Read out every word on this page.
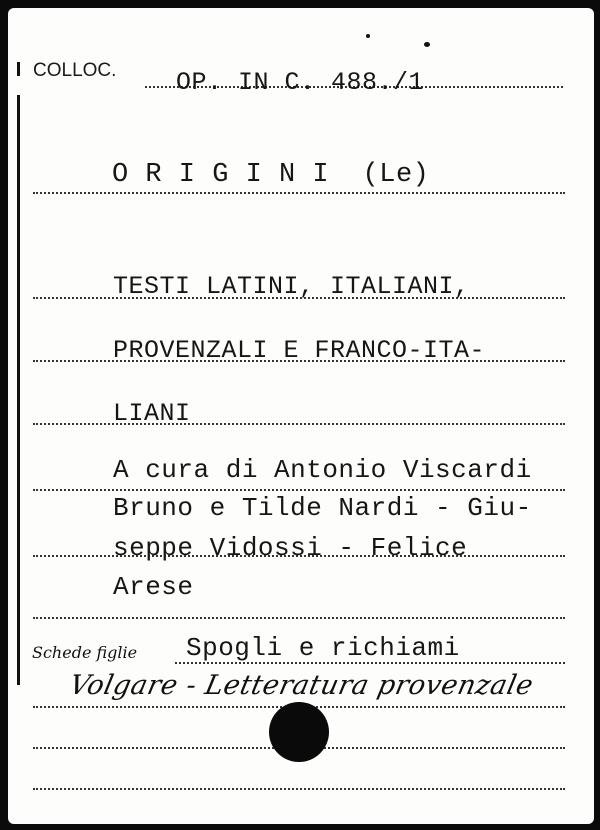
COLLOC. OP. IN C. 488./1
O R I G I N I  (Le)
TESTI LATINI, ITALIANI,
PROVENZALI E FRANCO-ITA-
LIANI
A cura di Antonio Viscardi
Bruno e Tilde Nardi - Giu-
seppe Vidossi - Felice
Arese
Schede figlie Spogli e richiami
Volgare - Letteratura provenzale
